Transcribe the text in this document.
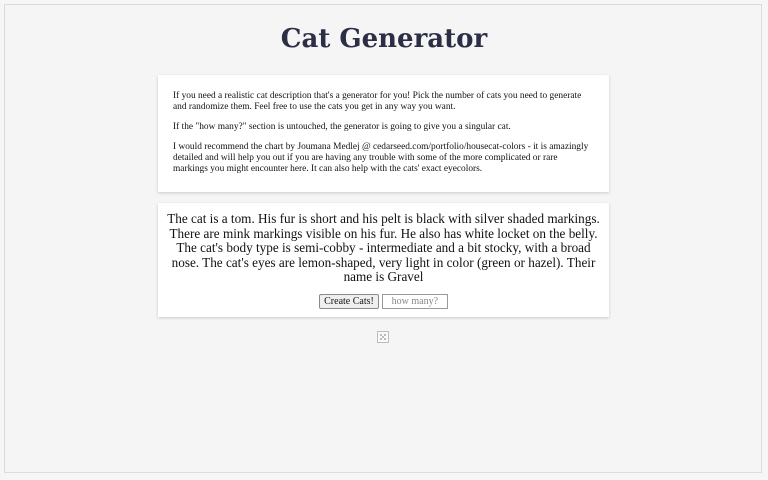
Cat Generator

If you need a realistic cat description that's a generator for you! Pick the number of cats you need to generate and randomize them. Feel free to use the cats you get in any way you want.

If the "how many?" section is untouched, the generator is going to give you a singular cat.

I would recommend the chart by Joumana Medlej @ cedarseed.com/portfolio/housecat-colors - it is amazingly detailed and will help you out if you are having any trouble with some of the more complicated or rare markings you might encounter here. It can also help with the cats' exact eyecolors.

The cat is a tom. His fur is short and his pelt is black with silver shaded markings. There are mink markings visible on his fur. He also has white locket on the belly. The cat's body type is semi-cobby - intermediate and a bit stocky, with a broad nose. The cat's eyes are lemon-shaped, very light in color (green or hazel). Their name is Gravel

Create Cats!
how many?
